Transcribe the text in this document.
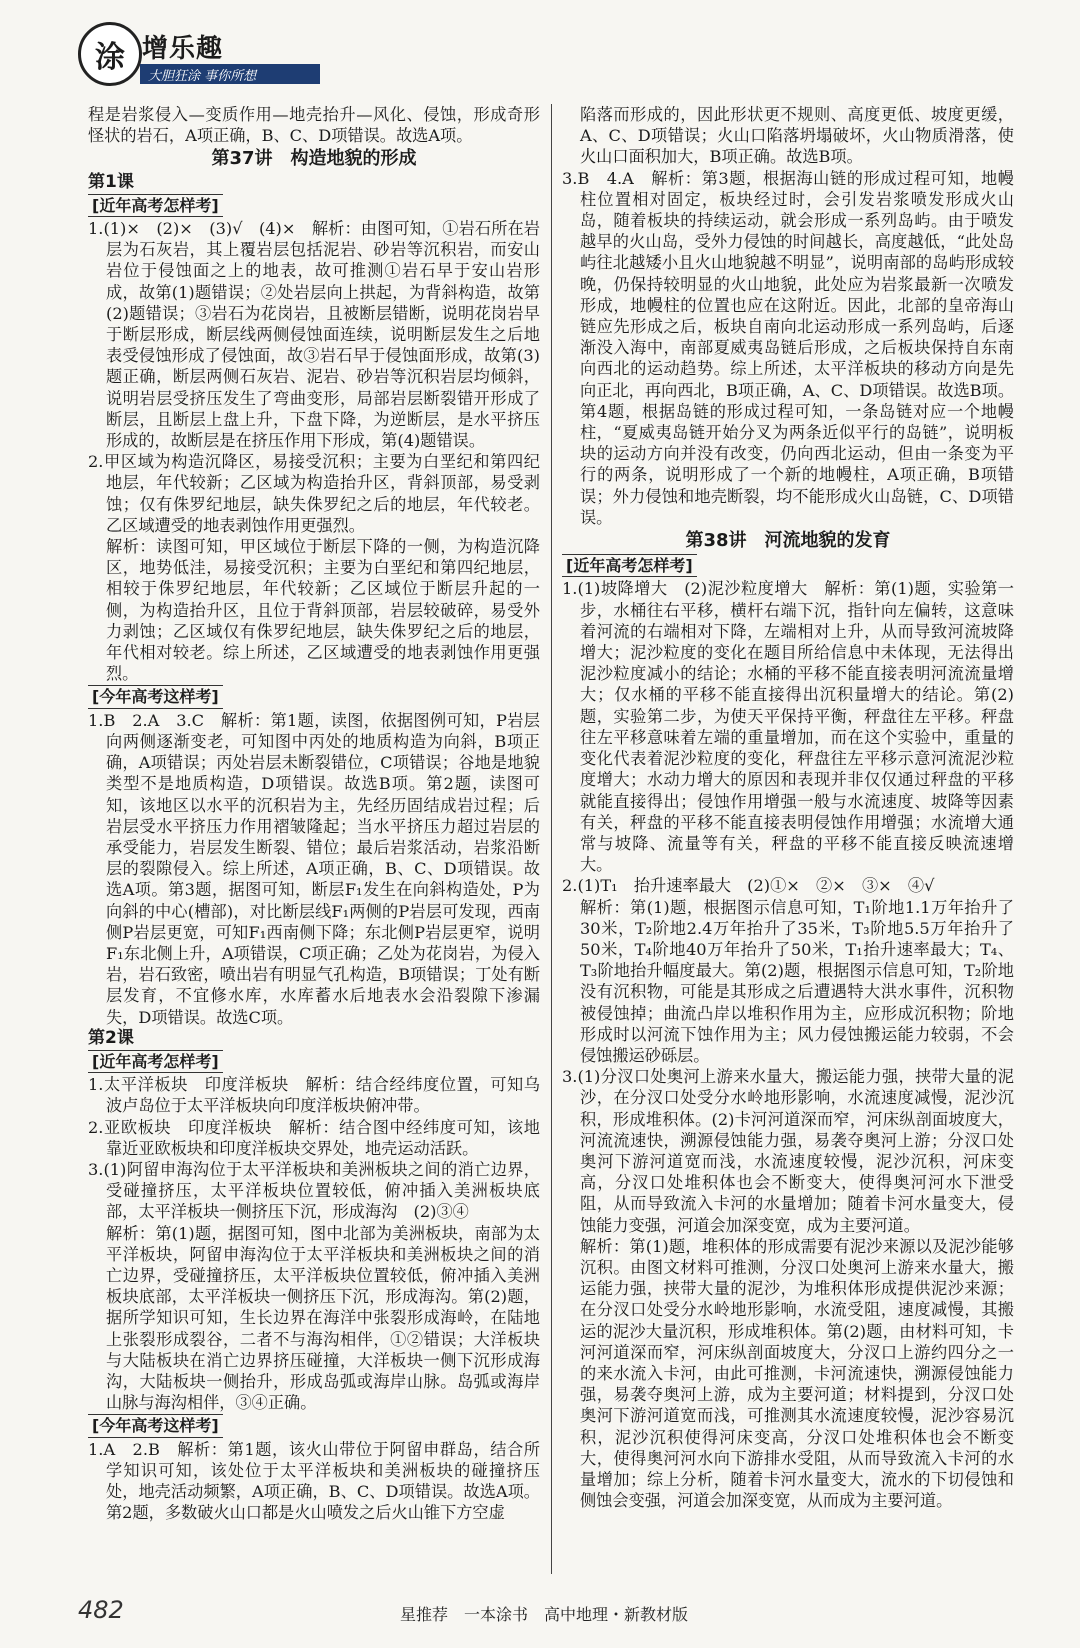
涂 增乐趣
大胆狂涂 事你所想

程是岩浆侵入—变质作用—地壳抬升—风化、侵蚀，形成奇形怪状的岩石，A项正确，B、C、D项错误。故选A项。

第37讲　构造地貌的形成
第1课
[近年高考怎样考]

1.(1)×　(2)×　(3)√　(4)×　解析：由图可知，①岩石所在岩层为石灰岩，其上覆岩层包括泥岩、砂岩等沉积岩，而安山岩位于侵蚀面之上的地表，故可推测①岩石早于安山岩形成，故第(1)题错误；②处岩层向上拱起，为背斜构造，故第(2)题错误；③岩石为花岗岩，且被断层错断，说明花岗岩早于断层形成，断层线两侧侵蚀面连续，说明断层发生之后地表受侵蚀形成了侵蚀面，故③岩石早于侵蚀面形成，故第(3)题正确，断层两侧石灰岩、泥岩、砂岩等沉积岩层均倾斜，说明岩层受挤压发生了弯曲变形，局部岩层断裂错开形成了断层，且断层上盘上升，下盘下降，为逆断层，是水平挤压形成的，故断层是在挤压作用下形成，第(4)题错误。

2.甲区域为构造沉降区，易接受沉积；主要为白垩纪和第四纪地层，年代较新；乙区域为构造抬升区，背斜顶部，易受剥蚀；仅有侏罗纪地层，缺失侏罗纪之后的地层，年代较老。乙区域遭受的地表剥蚀作用更强烈。

解析：读图可知，甲区域位于断层下降的一侧，为构造沉降区，地势低洼，易接受沉积；主要为白垩纪和第四纪地层，相较于侏罗纪地层，年代较新；乙区域位于断层升起的一侧，为构造抬升区，且位于背斜顶部，岩层较破碎，易受外力剥蚀；乙区域仅有侏罗纪地层，缺失侏罗纪之后的地层，年代相对较老。综上所述，乙区域遭受的地表剥蚀作用更强烈。

[今年高考这样考]

1.B　2.A　3.C　解析：第1题，读图，依据图例可知，P岩层向两侧逐渐变老，可知图中丙处的地质构造为向斜，B项正确，A项错误；丙处岩层未断裂错位，C项错误；谷地是地貌类型不是地质构造，D项错误。故选B项。第2题，读图可知，该地区以水平的沉积岩为主，先经历固结成岩过程；后岩层受水平挤压力作用褶皱隆起；当水平挤压力超过岩层的承受能力，岩层发生断裂、错位；最后岩浆活动，岩浆沿断层的裂隙侵入。综上所述，A项正确，B、C、D项错误。故选A项。第3题，据图可知，断层F₁发生在向斜构造处，P为向斜的中心(槽部)，对比断层线F₁两侧的P岩层可发现，西南侧P岩层更宽，可知F₁西南侧下降；东北侧P岩层更窄，说明F₁东北侧上升，A项错误，C项正确；乙处为花岗岩，为侵入岩，岩石致密，喷出岩有明显气孔构造，B项错误；丁处有断层发育，不宜修水库，水库蓄水后地表水会沿裂隙下渗漏失，D项错误。故选C项。

第2课
[近年高考怎样考]

1.太平洋板块　印度洋板块　解析：结合经纬度位置，可知乌波卢岛位于太平洋板块向印度洋板块俯冲带。

2.亚欧板块　印度洋板块　解析：结合图中经纬度可知，该地靠近亚欧板块和印度洋板块交界处，地壳运动活跃。

3.(1)阿留申海沟位于太平洋板块和美洲板块之间的消亡边界，受碰撞挤压，太平洋板块位置较低，俯冲插入美洲板块底部，太平洋板块一侧挤压下沉，形成海沟　(2)③④

解析：第(1)题，据图可知，图中北部为美洲板块，南部为太平洋板块，阿留申海沟位于太平洋板块和美洲板块之间的消亡边界，受碰撞挤压，太平洋板块位置较低，俯冲插入美洲板块底部，太平洋板块一侧挤压下沉，形成海沟。第(2)题，据所学知识可知，生长边界在海洋中张裂形成海岭，在陆地上张裂形成裂谷，二者不与海沟相伴，①②错误；大洋板块与大陆板块在消亡边界挤压碰撞，大洋板块一侧下沉形成海沟，大陆板块一侧抬升，形成岛弧或海岸山脉。岛弧或海岸山脉与海沟相伴，③④正确。

[今年高考这样考]

1.A　2.B　解析：第1题，该火山带位于阿留申群岛，结合所学知识可知，该处位于太平洋板块和美洲板块的碰撞挤压处，地壳活动频繁，A项正确，B、C、D项错误。故选A项。第2题，多数破火山口都是火山喷发之后火山锥下方空虚

陷落而形成的，因此形状更不规则、高度更低、坡度更缓，A、C、D项错误；火山口陷落坍塌破坏，火山物质滑落，使火山口面积加大，B项正确。故选B项。

3.B　4.A　解析：第3题，根据海山链的形成过程可知，地幔柱位置相对固定，板块经过时，会引发岩浆喷发形成火山岛，随着板块的持续运动，就会形成一系列岛屿。由于喷发越早的火山岛，受外力侵蚀的时间越长，高度越低，“此处岛屿往北越矮小且火山地貌越不明显”，说明南部的岛屿形成较晚，仍保持较明显的火山地貌，此处应为岩浆最新一次喷发形成，地幔柱的位置也应在这附近。因此，北部的皇帝海山链应先形成之后，板块自南向北运动形成一系列岛屿，后逐渐没入海中，南部夏威夷岛链后形成，之后板块保持自东南向西北的运动趋势。综上所述，太平洋板块的移动方向是先向正北，再向西北，B项正确，A、C、D项错误。故选B项。第4题，根据岛链的形成过程可知，一条岛链对应一个地幔柱，“夏威夷岛链开始分叉为两条近似平行的岛链”，说明板块的运动方向并没有改变，仍向西北运动，但由一条变为平行的两条，说明形成了一个新的地幔柱，A项正确，B项错误；外力侵蚀和地壳断裂，均不能形成火山岛链，C、D项错误。

第38讲　河流地貌的发育
[近年高考怎样考]

1.(1)坡降增大　(2)泥沙粒度增大　解析：第(1)题，实验第一步，水桶往右平移，横杆右端下沉，指针向左偏转，这意味着河流的右端相对下降，左端相对上升，从而导致河流坡降增大；泥沙粒度的变化在题目所给信息中未体现，无法得出泥沙粒度减小的结论；水桶的平移不能直接表明河流流量增大；仅水桶的平移不能直接得出沉积量增大的结论。第(2)题，实验第二步，为使天平保持平衡，秤盘往左平移。秤盘往左平移意味着左端的重量增加，而在这个实验中，重量的变化代表着泥沙粒度的变化，秤盘往左平移示意河流泥沙粒度增大；水动力增大的原因和表现并非仅仅通过秤盘的平移就能直接得出；侵蚀作用增强一般与水流速度、坡降等因素有关，秤盘的平移不能直接表明侵蚀作用增强；水流增大通常与坡降、流量等有关，秤盘的平移不能直接反映流速增大。

2.(1)T₁　抬升速率最大　(2)①×　②×　③×　④√

解析：第(1)题，根据图示信息可知，T₁阶地1.1万年抬升了30米，T₂阶地2.4万年抬升了35米，T₃阶地5.5万年抬升了50米，T₄阶地40万年抬升了50米，T₁抬升速率最大；T₄、T₃阶地抬升幅度最大。第(2)题，根据图示信息可知，T₂阶地没有沉积物，可能是其形成之后遭遇特大洪水事件，沉积物被侵蚀掉；曲流凸岸以堆积作用为主，应形成沉积物；阶地形成时以河流下蚀作用为主；风力侵蚀搬运能力较弱，不会侵蚀搬运砂砾层。

3.(1)分汊口处奥河上游来水量大，搬运能力强，挟带大量的泥沙，在分汊口处受分水岭地形影响，水流速度减慢，泥沙沉积，形成堆积体。(2)卡河河道深而窄，河床纵剖面坡度大，河流流速快，溯源侵蚀能力强，易袭夺奥河上游；分汊口处奥河下游河道宽而浅，水流速度较慢，泥沙沉积，河床变高，分汊口处堆积体也会不断变大，使得奥河河水下泄受阻，从而导致流入卡河的水量增加；随着卡河水量变大，侵蚀能力变强，河道会加深变宽，成为主要河道。

解析：第(1)题，堆积体的形成需要有泥沙来源以及泥沙能够沉积。由图文材料可推测，分汊口处奥河上游来水量大，搬运能力强，挟带大量的泥沙，为堆积体形成提供泥沙来源；在分汊口处受分水岭地形影响，水流受阻，速度减慢，其搬运的泥沙大量沉积，形成堆积体。第(2)题，由材料可知，卡河河道深而窄，河床纵剖面坡度大，分汊口上游约四分之一的来水流入卡河，由此可推测，卡河流速快，溯源侵蚀能力强，易袭夺奥河上游，成为主要河道；材料提到，分汊口处奥河下游河道宽而浅，可推测其水流速度较慢，泥沙容易沉积，泥沙沉积使得河床变高，分汊口处堆积体也会不断变大，使得奥河河水向下游排水受阻，从而导致流入卡河的水量增加；综上分析，随着卡河水量变大，流水的下切侵蚀和侧蚀会变强，河道会加深变宽，从而成为主要河道。

482	星推荐　一本涂书　高中地理・新教材版
